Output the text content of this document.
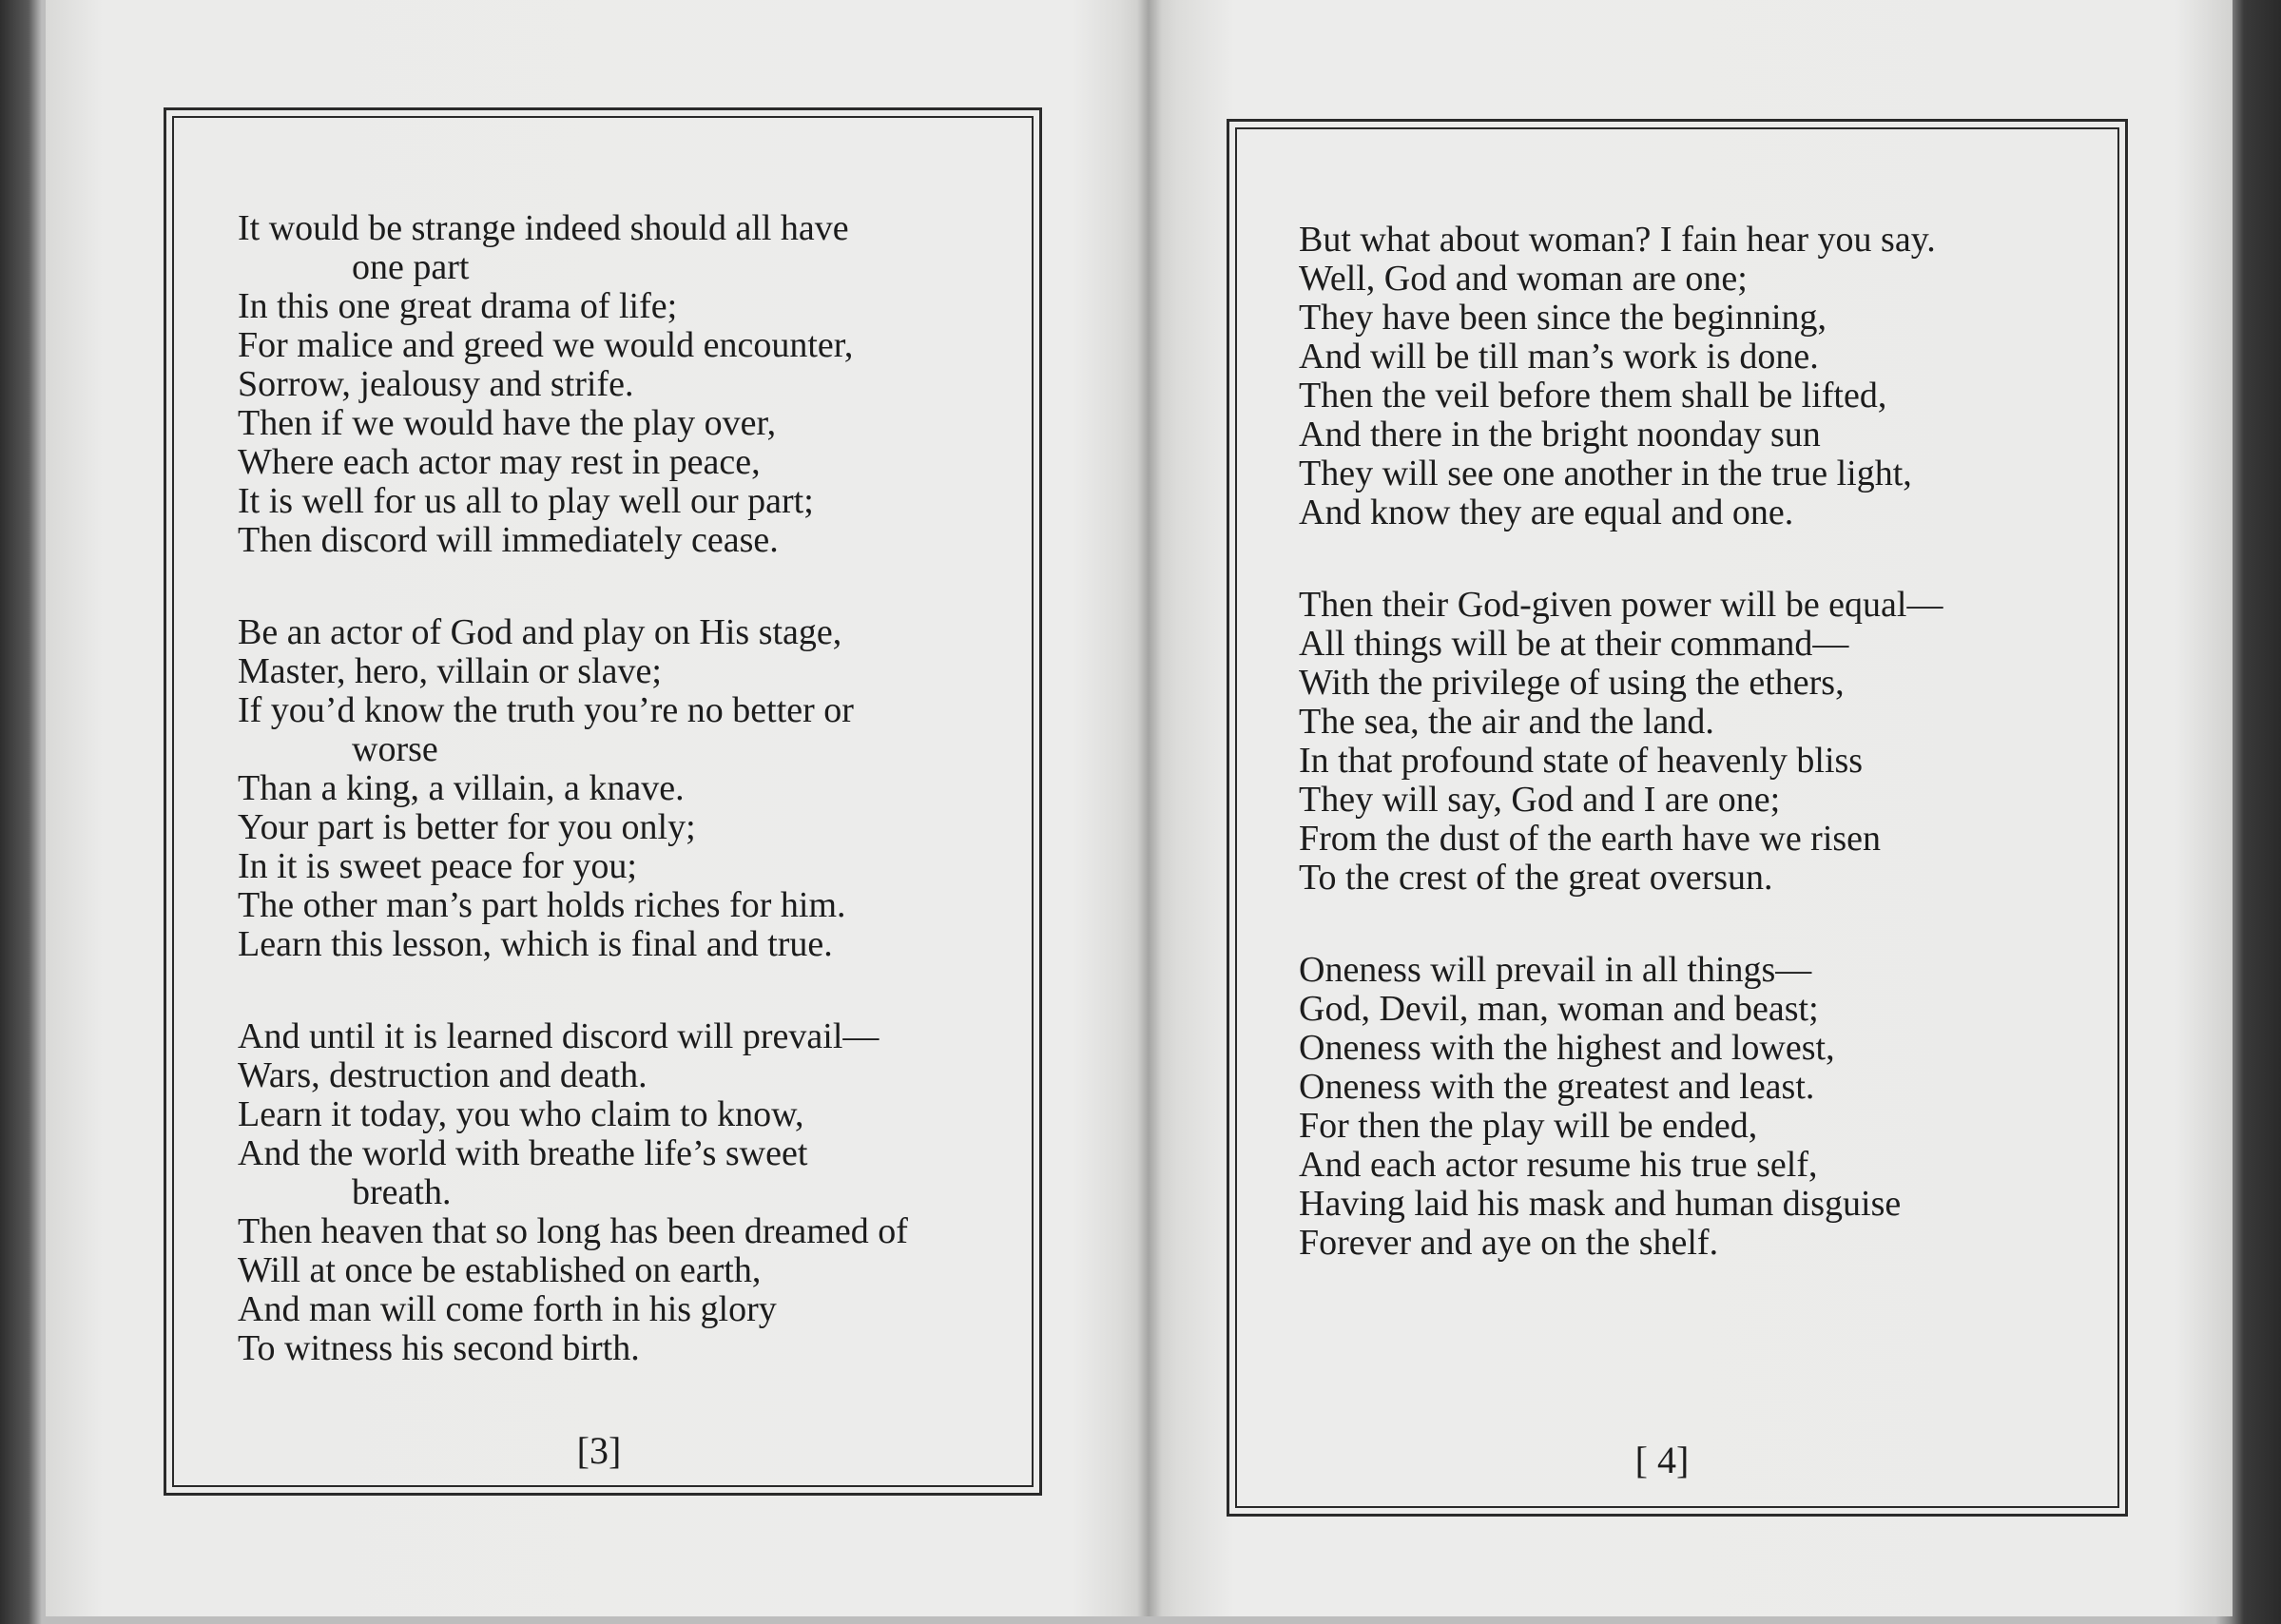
It would be strange indeed should all have
one part
In this one great drama of life;
For malice and greed we would encounter,
Sorrow, jealousy and strife.
Then if we would have the play over,
Where each actor may rest in peace,
It is well for us all to play well our part;
Then discord will immediately cease.
Be an actor of God and play on His stage,
Master, hero, villain or slave;
If you’d know the truth you’re no better or
worse
Than a king, a villain, a knave.
Your part is better for you only;
In it is sweet peace for you;
The other man’s part holds riches for him.
Learn this lesson, which is final and true.
And until it is learned discord will prevail—
Wars, destruction and death.
Learn it today, you who claim to know,
And the world with breathe life’s sweet
breath.
Then heaven that so long has been dreamed of
Will at once be established on earth,
And man will come forth in his glory
To witness his second birth.
[3]
But what about woman? I fain hear you say.
Well, God and woman are one;
They have been since the beginning,
And will be till man’s work is done.
Then the veil before them shall be lifted,
And there in the bright noonday sun
They will see one another in the true light,
And know they are equal and one.
Then their God-given power will be equal—
All things will be at their command—
With the privilege of using the ethers,
The sea, the air and the land.
In that profound state of heavenly bliss
They will say, God and I are one;
From the dust of the earth have we risen
To the crest of the great oversun.
Oneness will prevail in all things—
God, Devil, man, woman and beast;
Oneness with the highest and lowest,
Oneness with the greatest and least.
For then the play will be ended,
And each actor resume his true self,
Having laid his mask and human disguise
Forever and aye on the shelf.
[ 4]
